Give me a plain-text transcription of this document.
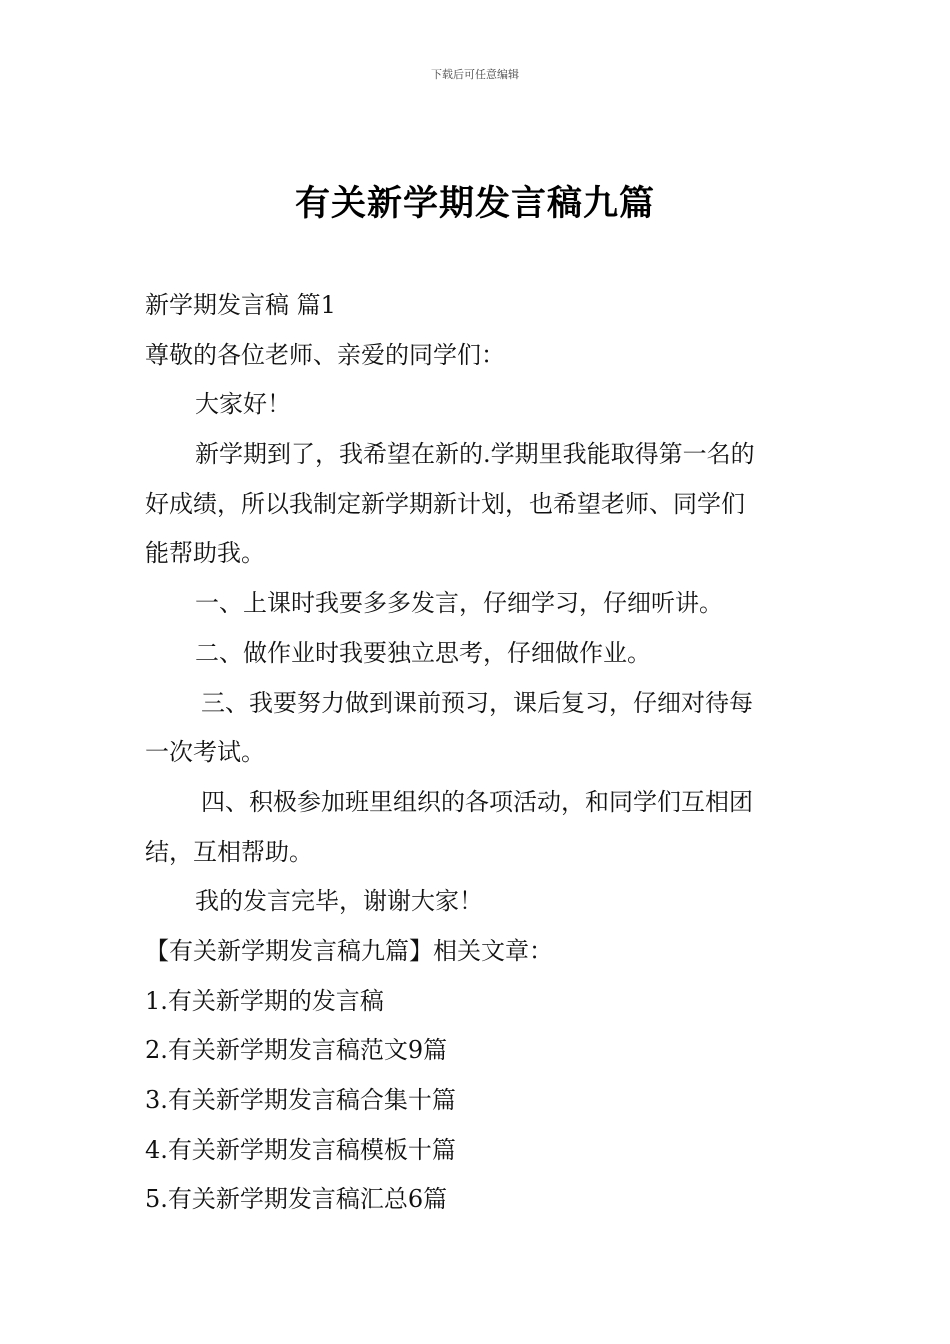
下载后可任意编辑
有关新学期发言稿九篇
新学期发言稿 篇1
尊敬的各位老师、亲爱的同学们：
大家好！
新学期到了，我希望在新的.学期里我能取得第一名的
好成绩，所以我制定新学期新计划，也希望老师、同学们
能帮助我。
一、上课时我要多多发言，仔细学习，仔细听讲。
二、做作业时我要独立思考，仔细做作业。
三、我要努力做到课前预习，课后复习，仔细对待每
一次考试。
四、积极参加班里组织的各项活动，和同学们互相团
结，互相帮助。
我的发言完毕，谢谢大家！
【有关新学期发言稿九篇】相关文章：
1.有关新学期的发言稿
2.有关新学期发言稿范文9篇
3.有关新学期发言稿合集十篇
4.有关新学期发言稿模板十篇
5.有关新学期发言稿汇总6篇
